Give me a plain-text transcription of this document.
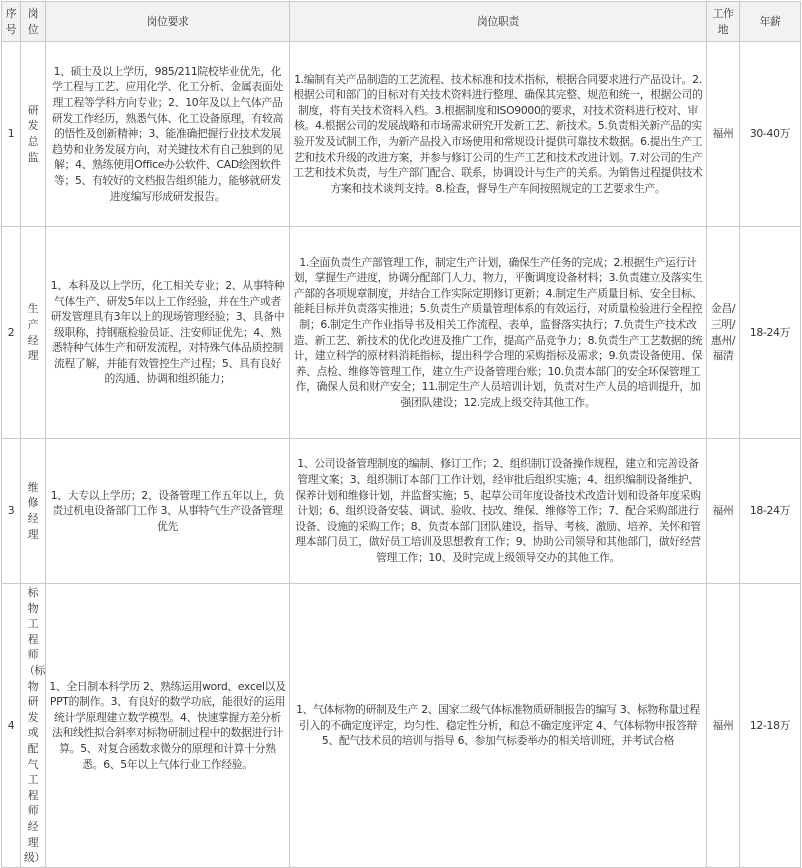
序号	岗位	岗位要求	岗位职责	工作地	年薪
1	研发总监	1、硕士及以上学历，985/211院校毕业优先，化学工程与工艺、应用化学、化工分析、金属表面处理工程等学科方向专业；2、10年及以上气体产品研发工作经历，熟悉气体、化工设备原理，有较高的悟性及创新精神；3、能准确把握行业技术发展趋势和业务发展方向，对关键技术有自己独到的见解；4、熟练使用Office办公软件、CAD绘图软件等；5、有较好的文档报告组织能力，能够就研发进度编写形成研发报告。	1.编制有关产品制造的工艺流程、技术标准和技术指标，根据合同要求进行产品设计。2.根据公司和部门的目标对有关技术资料进行整理、确保其完整、规范和统一，根据公司的制度，将有关技术资料入档。3.根据制度和ISO9000的要求，对技术资料进行校对、审核。4.根据公司的发展战略和市场需求研究开发新工艺、新技术。5.负责相关新产品的实验开发及试制工作，为新产品投入市场使用和常规设计提供可靠技术数据。6.提出生产工艺和技术升级的改进方案，并参与修订公司的生产工艺和技术改进计划。7.对公司的生产工艺和技术负责，与生产部门配合、联系，协调设计与生产的关系。为销售过程提供技术方案和技术谈判支持。8.检查，督导生产车间按照规定的工艺要求生产。	福州	30-40万
2	生产经理	1、本科及以上学历，化工相关专业；2、从事特种气体生产、研发5年以上工作经验，并在生产或者研发管理具有3年以上的现场管理经验；3、具备中级职称，持钢瓶检验员证、注安师证优先；4、熟悉特种气体生产和研发流程，对特殊气体品质控制流程了解，并能有效管控生产过程；5、具有良好的沟通、协调和组织能力；	1.全面负责生产部管理工作，制定生产计划，确保生产任务的完成；2.根据生产运行计划，掌握生产进度，协调分配部门人力、物力，平衡调度设备材料；3.负责建立及落实生产部的各项规章制度，并结合工作实际定期修订更新；4.制定生产质量目标、安全目标、能耗目标并负责落实推进；5.负责生产质量管理体系的有效运行，对质量检验进行全程控制；6.制定生产作业指导书及相关工作流程、表单，监督落实执行；7.负责生产技术改造、新工艺、新技术的优化改进及推广工作，提高产品竞争力；8.负责生产工艺数据的统计，建立科学的原材料消耗指标，提出科学合理的采购指标及需求；9.负责设备使用、保养、点检、维修等管理工作，建立生产设备管理台账；10.负责本部门的安全环保管理工作，确保人员和财产安全；11.制定生产人员培训计划，负责对生产人员的培训提升，加强团队建设；12.完成上级交待其他工作。	金昌/三明/惠州/福清	18-24万
3	维修经理	1、大专以上学历；2、设备管理工作五年以上，负责过机电设备部门工作 3、从事特气生产设备管理优先	1、公司设备管理制度的编制、修订工作；2、组织制订设备操作规程，建立和完善设备管理文案；3、组织制订本部门工作计划，经审批后组织实施；4、组织编制设备维护、保养计划和维修计划，并监督实施；5、起草公司年度设备技术改造计划和设备年度采购计划；6、组织设备安装、调试、验收、技改、维保、维修等工作；7、配合采购部进行设备、设施的采购工作；8、负责本部门团队建设，指导、考核、激励、培养、关怀和管理本部门员工，做好员工培训及思想教育工作；9、协助公司领导和其他部门，做好经营管理工作；10、及时完成上级领导交办的其他工作。	福州	18-24万
4	标物工程师（标物研发或配气工程师经理级）	1、全日制本科学历 2、熟练运用word、excel以及PPT的制作。3、有良好的数学功底，能很好的运用统计学原理建立数学模型。4、快速掌握方差分析法和线性拟合斜率对标物研制过程中的数据进行计算。5、对复合函数求微分的原理和计算十分熟悉。6、5年以上气体行业工作经验。	1、气体标物的研制及生产 2、国家二级气体标准物质研制报告的编写 3、标物称量过程引入的不确定度评定，均匀性、稳定性分析，和总不确定度评定 4、气体标物申报答辩 5、配气技术员的培训与指导 6、参加气标委举办的相关培训班，并考试合格	福州	12-18万
